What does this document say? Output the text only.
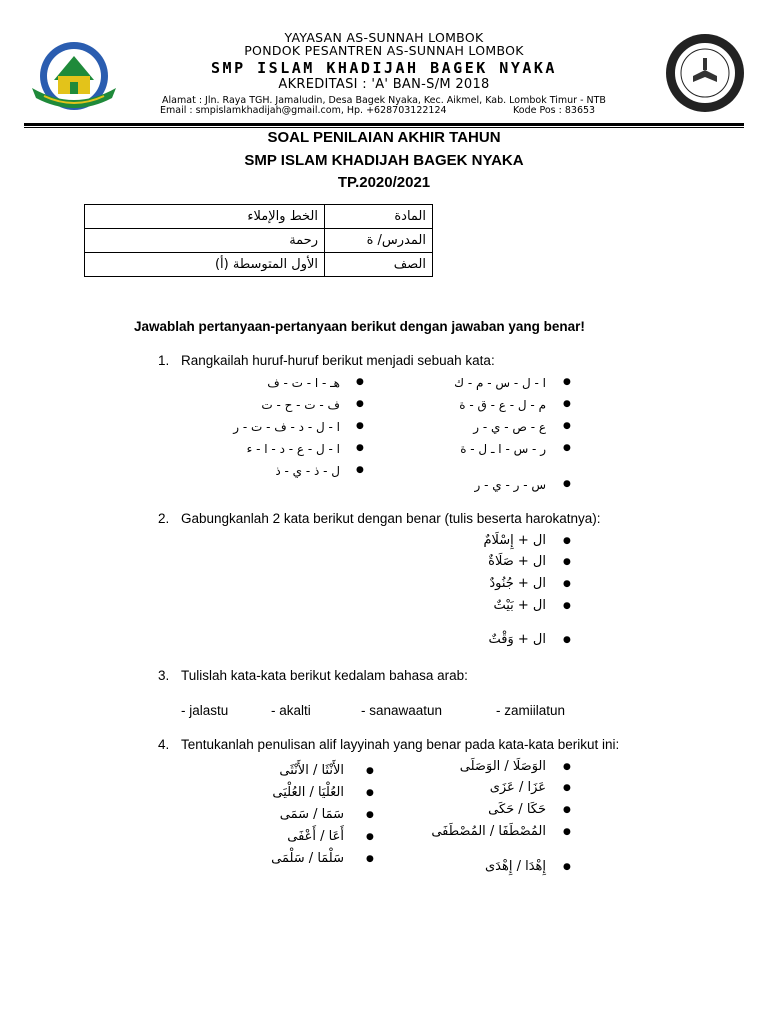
YAYASAN AS-SUNNAH LOMBOK
PONDOK PESANTREN AS-SUNNAH LOMBOK
SMP ISLAM KHADIJAH BAGEK NYAKA
AKREDITASI : 'A' BAN-S/M 2018
Alamat : Jln. Raya TGH. Jamaludin, Desa Bagek Nyaka, Kec. Aikmel, Kab. Lombok Timur - NTB
Email : smpislamkhadijah@gmail.com, Hp. +628703122124	Kode Pos : 83653
SOAL PENILAIAN AKHIR TAHUN
SMP ISLAM KHADIJAH BAGEK NYAKA
TP.2020/2021
المادة	الخط والإملاء
المدرس/ ة	رحمة
الصف	الأول المتوسطة (أ)
Jawablah pertanyaan-pertanyaan berikut dengan jawaban yang benar!
1. Rangkailah huruf-huruf berikut menjadi sebuah kata:
●
ا - ل - س - م - ك
●
م - ل - ع - ق - ة
●
ع - ص - ي - ر
●
ر - س - ا ـ ل - ة
●
س - ر - ي - ر
●
هـ - ا - ت - ف
●
ف - ت - ح - ت
●
ا - ل - د - ف - ت - ر
●
ا - ل - ع - د - ا - ء
●
ل - ذ - ي - ذ
2. Gabungkanlah 2 kata berikut dengan benar (tulis beserta harokatnya):
●
ال + إِسْلَامٌ
●
ال + صَلَاةٌ
●
ال + جُنُودٌ
●
ال + بَيْتٌ
●
ال + وَقْتٌ
3. Tulislah kata-kata berikut kedalam bahasa arab:
- jalastu	- akalti	- sanawaatun	- zamiilatun
4. Tentukanlah penulisan alif layyinah yang benar pada kata-kata berikut ini:
●
الوَصَلَا / الوَصَلَى
●
عَزَا / عَزَى
●
حَكَا / حَكَى
●
المُصْطَفَا / المُصْطَفَى
●
إِهْدَا / إِهْدَى
●
الأَنْثَا / الأَنْثَى
●
العُلْيَا / العُلْيَى
●
سَمَا / سَمَى
●
أَعَا / أَعْفَى
●
سَلْمَا / سَلْمَى
